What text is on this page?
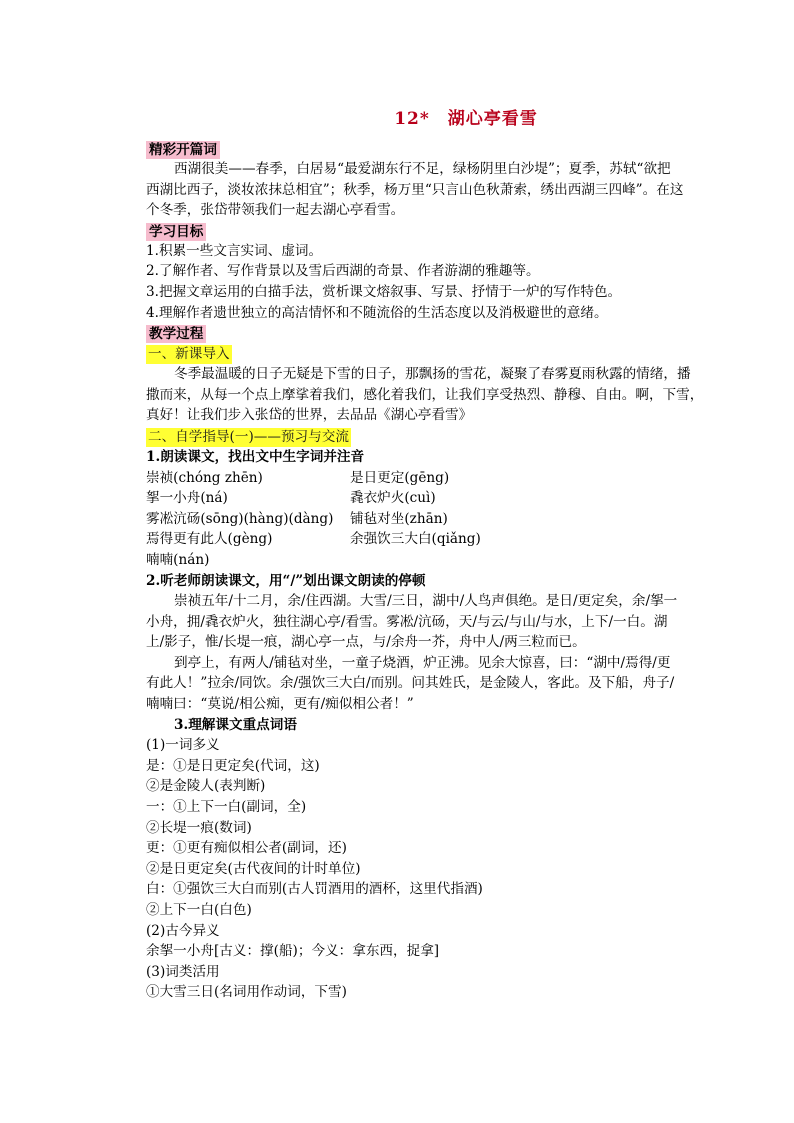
12*　湖心亭看雪
精彩开篇词
西湖很美——春季，白居易“最爱湖东行不足，绿杨阴里白沙堤”；夏季，苏轼“欲把
西湖比西子，淡妆浓抹总相宜”；秋季，杨万里“只言山色秋萧索，绣出西湖三四峰”。在这
个冬季，张岱带领我们一起去湖心亭看雪。
学习目标
1.积累一些文言实词、虚词。
2.了解作者、写作背景以及雪后西湖的奇景、作者游湖的雅趣等。
3.把握文章运用的白描手法，赏析课文熔叙事、写景、抒情于一炉的写作特色。
4.理解作者遗世独立的高洁情怀和不随流俗的生活态度以及消极避世的意绪。
教学过程
一、新课导入
冬季最温暖的日子无疑是下雪的日子，那飘扬的雪花，凝聚了春雾夏雨秋露的情绪，播
撒而来，从每一个点上摩挲着我们，感化着我们，让我们享受热烈、静穆、自由。啊，下雪，
真好！让我们步入张岱的世界，去品品《湖心亭看雪》
二、自学指导(一)——预习与交流
1.朗读课文，找出文中生字词并注音
崇祯(chóng zhēn)	是日更定(gēng)
挐一小舟(ná)	毳衣炉火(cuì)
雾凇沆砀(sōng)(hàng)(dàng)	铺毡对坐(zhān)
焉得更有此人(gèng)	余强饮三大白(qiǎng)
喃喃(nán)
2.听老师朗读课文，用“/”划出课文朗读的停顿
崇祯五年/十二月，余/住西湖。大雪/三日，湖中/人鸟声俱绝。是日/更定矣，余/挐一
小舟，拥/毳衣炉火，独往湖心亭/看雪。雾凇/沆砀，天/与云/与山/与水，上下/一白。湖
上/影子，惟/长堤一痕，湖心亭一点，与/余舟一芥，舟中人/两三粒而已。
到亭上，有两人/铺毡对坐，一童子烧酒，炉正沸。见余大惊喜，曰：“湖中/焉得/更
有此人！”拉余/同饮。余/强饮三大白/而别。问其姓氏，是金陵人，客此。及下船，舟子/
喃喃曰：“莫说/相公痴，更有/痴似相公者！”
3.理解课文重点词语
(1)一词多义
是：①是日更定矣(代词，这)
②是金陵人(表判断)
一：①上下一白(副词，全)
②长堤一痕(数词)
更：①更有痴似相公者(副词，还)
②是日更定矣(古代夜间的计时单位)
白：①强饮三大白而别(古人罚酒用的酒杯，这里代指酒)
②上下一白(白色)
(2)古今异义
余挐一小舟[古义：撑(船)；今义：拿东西，捉拿]
(3)词类活用
①大雪三日(名词用作动词，下雪)
